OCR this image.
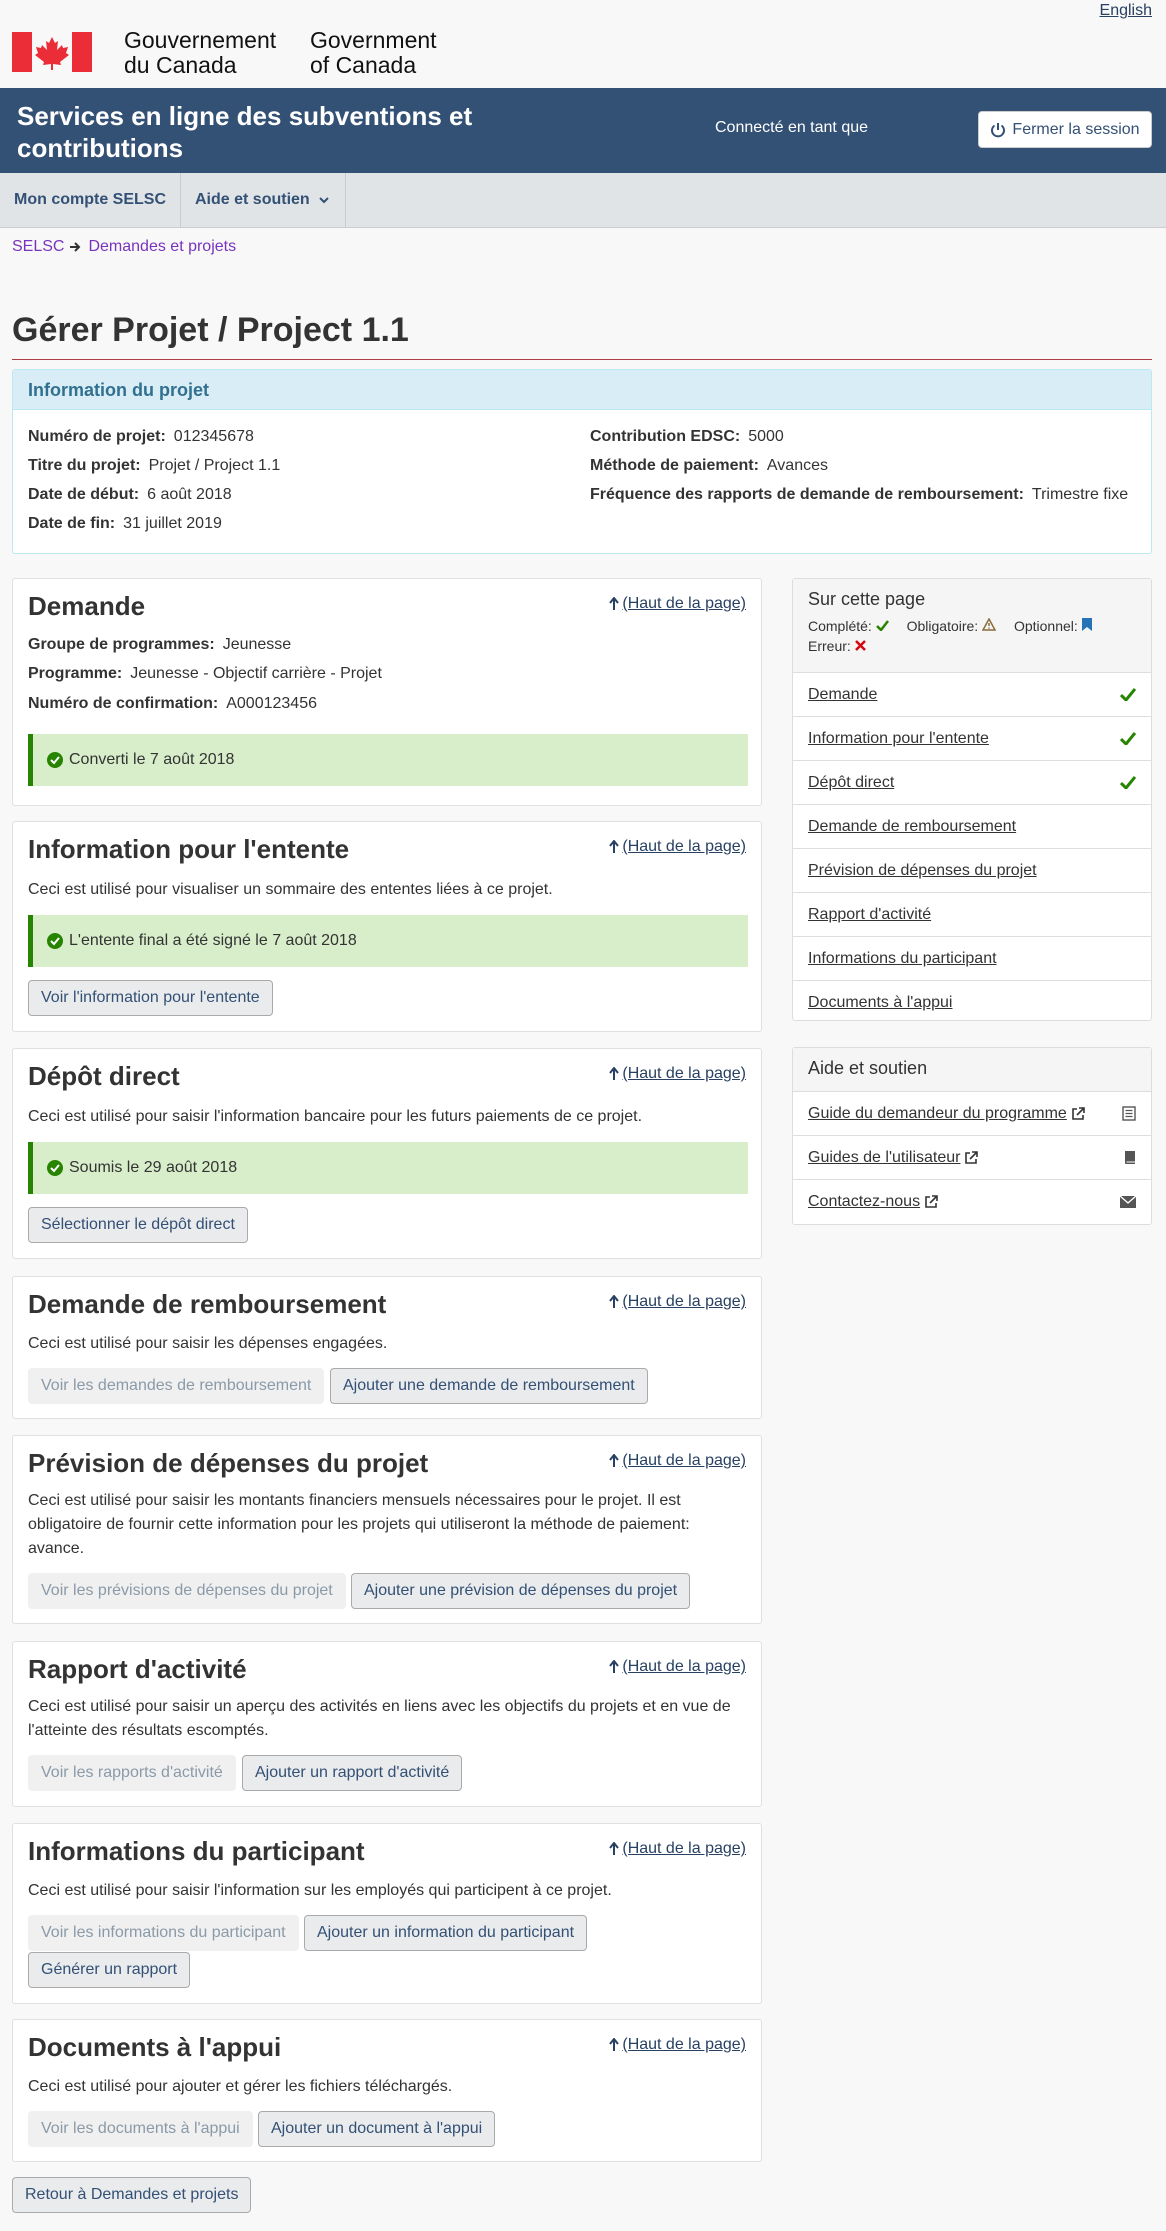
English
Gouvernement
du Canada
Government
of Canada
Services en ligne des subventions et contributions
Connecté en tant que	Fermer la session
Mon compte SELSC	Aide et soutien
SELSC Demandes et projets
Gérer Projet / Project 1.1
Information du projet
Numéro de projet: 012345678
Titre du projet: Projet / Project 1.1
Date de début: 6 août 2018
Date de fin: 31 juillet 2019
Contribution EDSC: 5000
Méthode de paiement: Avances
Fréquence des rapports de demande de remboursement: Trimestre fixe
Demande	(Haut de la page)
Groupe de programmes: Jeunesse
Programme: Jeunesse - Objectif carrière - Projet
Numéro de confirmation: A000123456
Converti le 7 août 2018
Information pour l'entente	(Haut de la page)
Ceci est utilisé pour visualiser un sommaire des ententes liées à ce projet.
L'entente final a été signé le 7 août 2018
Voir l'information pour l'entente
Dépôt direct	(Haut de la page)
Ceci est utilisé pour saisir l'information bancaire pour les futurs paiements de ce projet.
Soumis le 29 août 2018
Sélectionner le dépôt direct
Demande de remboursement	(Haut de la page)
Ceci est utilisé pour saisir les dépenses engagées.
Voir les demandes de remboursement	Ajouter une demande de remboursement
Prévision de dépenses du projet	(Haut de la page)
Ceci est utilisé pour saisir les montants financiers mensuels nécessaires pour le projet. Il est obligatoire de fournir cette information pour les projets qui utiliseront la méthode de paiement: avance.
Voir les prévisions de dépenses du projet	Ajouter une prévision de dépenses du projet
Rapport d'activité	(Haut de la page)
Ceci est utilisé pour saisir un aperçu des activités en liens avec les objectifs du projets et en vue de l'atteinte des résultats escomptés.
Voir les rapports d'activité	Ajouter un rapport d'activité
Informations du participant	(Haut de la page)
Ceci est utilisé pour saisir l'information sur les employés qui participent à ce projet.
Voir les informations du participant	Ajouter un information du participant
Générer un rapport
Documents à l'appui	(Haut de la page)
Ceci est utilisé pour ajouter et gérer les fichiers téléchargés.
Voir les documents à l'appui	Ajouter un document à l'appui
Retour à Demandes et projets
Sur cette page
Complété: Obligatoire:	Optionnel:
Erreur:
Demande
Information pour l'entente
Dépôt direct
Demande de remboursement
Prévision de dépenses du projet
Rapport d'activité
Informations du participant
Documents à l'appui
Aide et soutien
Guide du demandeur du programme
Guides de l'utilisateur
Contactez-nous
